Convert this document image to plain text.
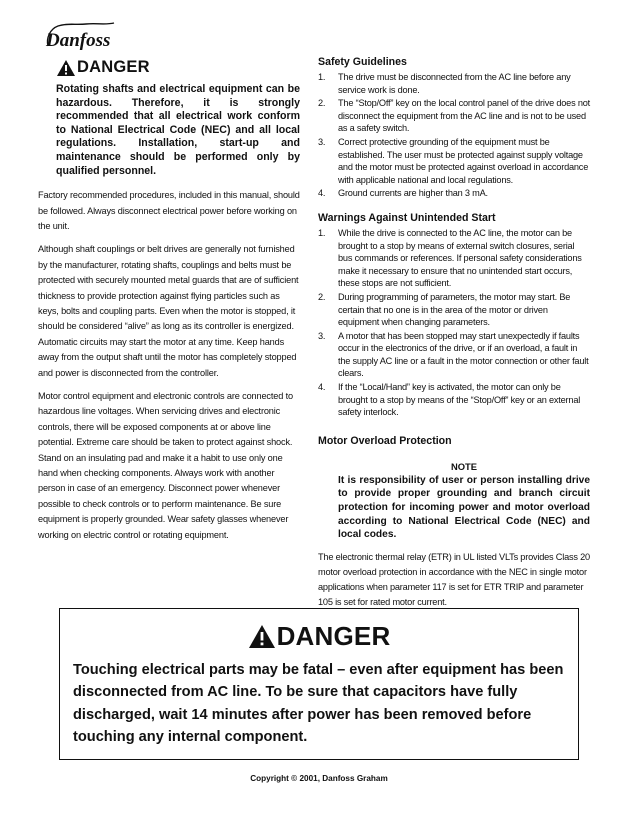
Danfoss
DANGER

Rotating shafts and electrical equipment can be hazardous. Therefore, it is strongly recommended that all electrical work conform to National Electrical Code (NEC) and all local regulations. Installation, start-up and maintenance should be performed only by qualified personnel.

Factory recommended procedures, included in this manual, should be followed. Always disconnect electrical power before working on the unit.

Although shaft couplings or belt drives are generally not furnished by the manufacturer, rotating shafts, couplings and belts must be protected with securely mounted metal guards that are of sufficient thickness to provide protection against flying particles such as keys, bolts and coupling parts. Even when the motor is stopped, it should be considered “alive” as long as its controller is energized. Automatic circuits may start the motor at any time. Keep hands away from the output shaft until the motor has completely stopped and power is disconnected from the controller.

Motor control equipment and electronic controls are connected to hazardous line voltages. When servicing drives and electronic controls, there will be exposed components at or above line potential. Extreme care should be taken to protect against shock. Stand on an insulating pad and make it a habit to use only one hand when checking components. Always work with another person in case of an emergency. Disconnect power whenever possible to check controls or to perform maintenance. Be sure equipment is properly grounded. Wear safety glasses whenever working on electric control or rotating equipment.

Safety Guidelines
1.	The drive must be disconnected from the AC line before any service work is done.
2.	The “Stop/Off” key on the local control panel of the drive does not disconnect the equipment from the AC line and is not to be used as a safety switch.
3.	Correct protective grounding of the equipment must be established. The user must be protected against supply voltage and the motor must be protected against overload in accordance with applicable national and local regulations.
4.	Ground currents are higher than 3 mA.
Warnings Against Unintended Start
1.	While the drive is connected to the AC line, the motor can be brought to a stop by means of external switch closures, serial bus commands or references. If personal safety considerations make it necessary to ensure that no unintended start occurs, these stops are not sufficient.
2.	During programming of parameters, the motor may start. Be certain that no one is in the area of the motor or driven equipment when changing parameters.
3.	A motor that has been stopped may start unexpectedly if faults occur in the electronics of the drive, or if an overload, a fault in the supply AC line or a fault in the motor connection or other fault clears.
4.	If the “Local/Hand” key is activated, the motor can only be brought to a stop by means of the “Stop/Off” key or an external safety interlock.
Motor Overload Protection
NOTE

It is responsibility of user or person installing drive to provide proper grounding and branch circuit protection for incoming power and motor overload according to National Electrical Code (NEC) and local codes.

The electronic thermal relay (ETR) in UL listed VLTs provides Class 20 motor overload protection in accordance with the NEC in single motor applications when parameter 117 is set for ETR TRIP and parameter 105 is set for rated motor current.

DANGER
Touching electrical parts may be fatal – even after equipment has been disconnected from AC line. To be sure that capacitors have fully discharged, wait 14 minutes after power has been removed before touching any internal component.
Copyright © 2001, Danfoss Graham
